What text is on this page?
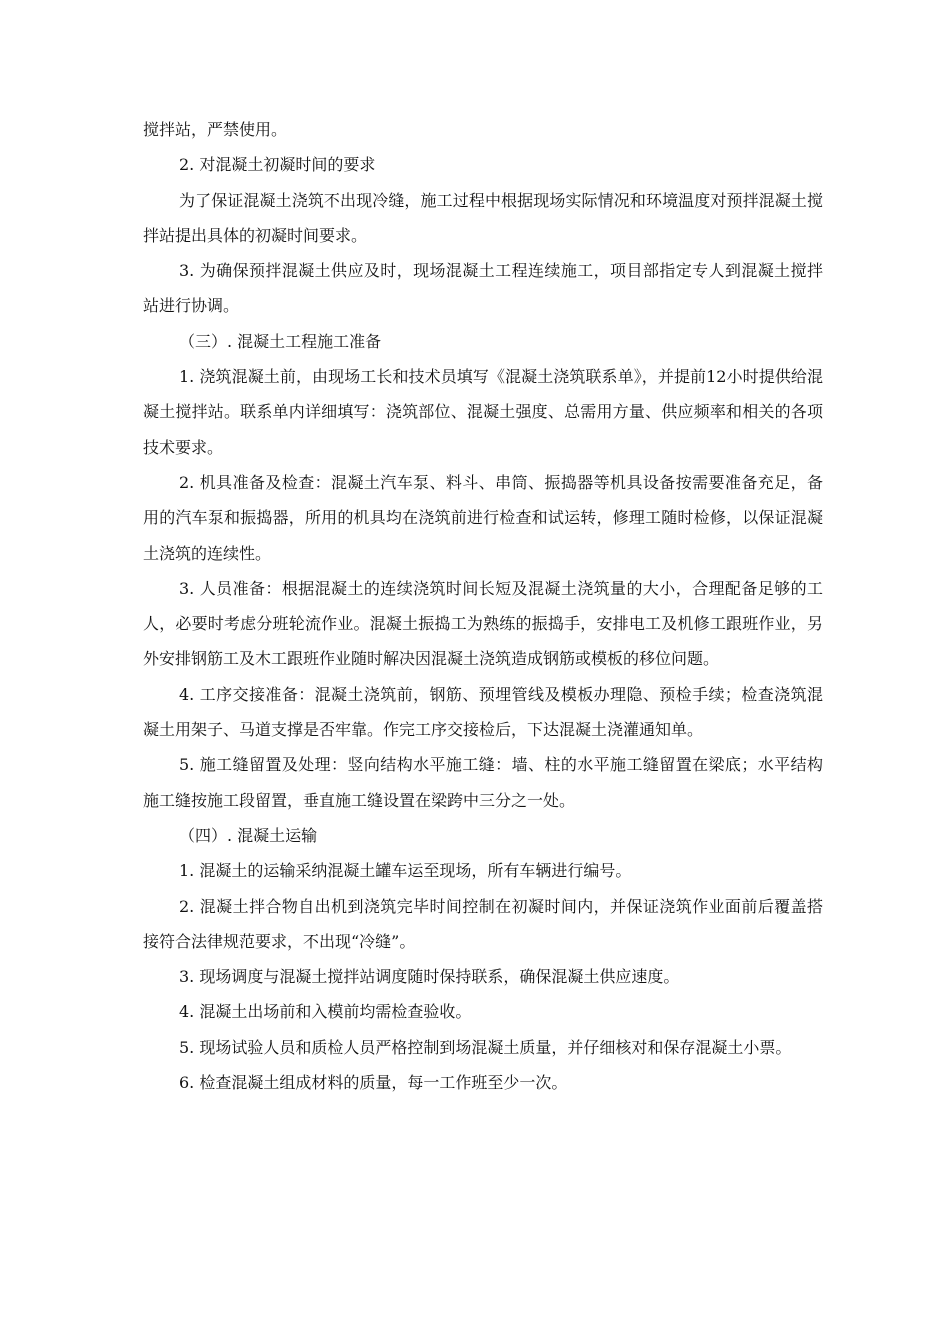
搅拌站，严禁使用。

2. 对混凝土初凝时间的要求

为了保证混凝土浇筑不出现冷缝，施工过程中根据现场实际情况和环境温度对预拌混凝土搅拌站提出具体的初凝时间要求。

3. 为确保预拌混凝土供应及时，现场混凝土工程连续施工，项目部指定专人到混凝土搅拌站进行协调。

（三）. 混凝土工程施工准备

1. 浇筑混凝土前，由现场工长和技术员填写《混凝土浇筑联系单》，并提前12小时提供给混凝土搅拌站。联系单内详细填写：浇筑部位、混凝土强度、总需用方量、供应频率和相关的各项技术要求。

2. 机具准备及检查：混凝土汽车泵、料斗、串筒、振捣器等机具设备按需要准备充足，备用的汽车泵和振捣器，所用的机具均在浇筑前进行检查和试运转，修理工随时检修，以保证混凝土浇筑的连续性。

3. 人员准备：根据混凝土的连续浇筑时间长短及混凝土浇筑量的大小，合理配备足够的工人，必要时考虑分班轮流作业。混凝土振捣工为熟练的振捣手，安排电工及机修工跟班作业，另外安排钢筋工及木工跟班作业随时解决因混凝土浇筑造成钢筋或模板的移位问题。

4. 工序交接准备：混凝土浇筑前，钢筋、预埋管线及模板办理隐、预检手续；检查浇筑混凝土用架子、马道支撑是否牢靠。作完工序交接检后，下达混凝土浇灌通知单。

5. 施工缝留置及处理：竖向结构水平施工缝：墙、柱的水平施工缝留置在梁底；水平结构施工缝按施工段留置，垂直施工缝设置在梁跨中三分之一处。

（四）. 混凝土运输

1. 混凝土的运输采纳混凝土罐车运至现场，所有车辆进行编号。

2. 混凝土拌合物自出机到浇筑完毕时间控制在初凝时间内，并保证浇筑作业面前后覆盖搭接符合法律规范要求，不出现“冷缝”。

3. 现场调度与混凝土搅拌站调度随时保持联系，确保混凝土供应速度。

4. 混凝土出场前和入模前均需检查验收。

5. 现场试验人员和质检人员严格控制到场混凝土质量，并仔细核对和保存混凝土小票。

6. 检查混凝土组成材料的质量，每一工作班至少一次。
